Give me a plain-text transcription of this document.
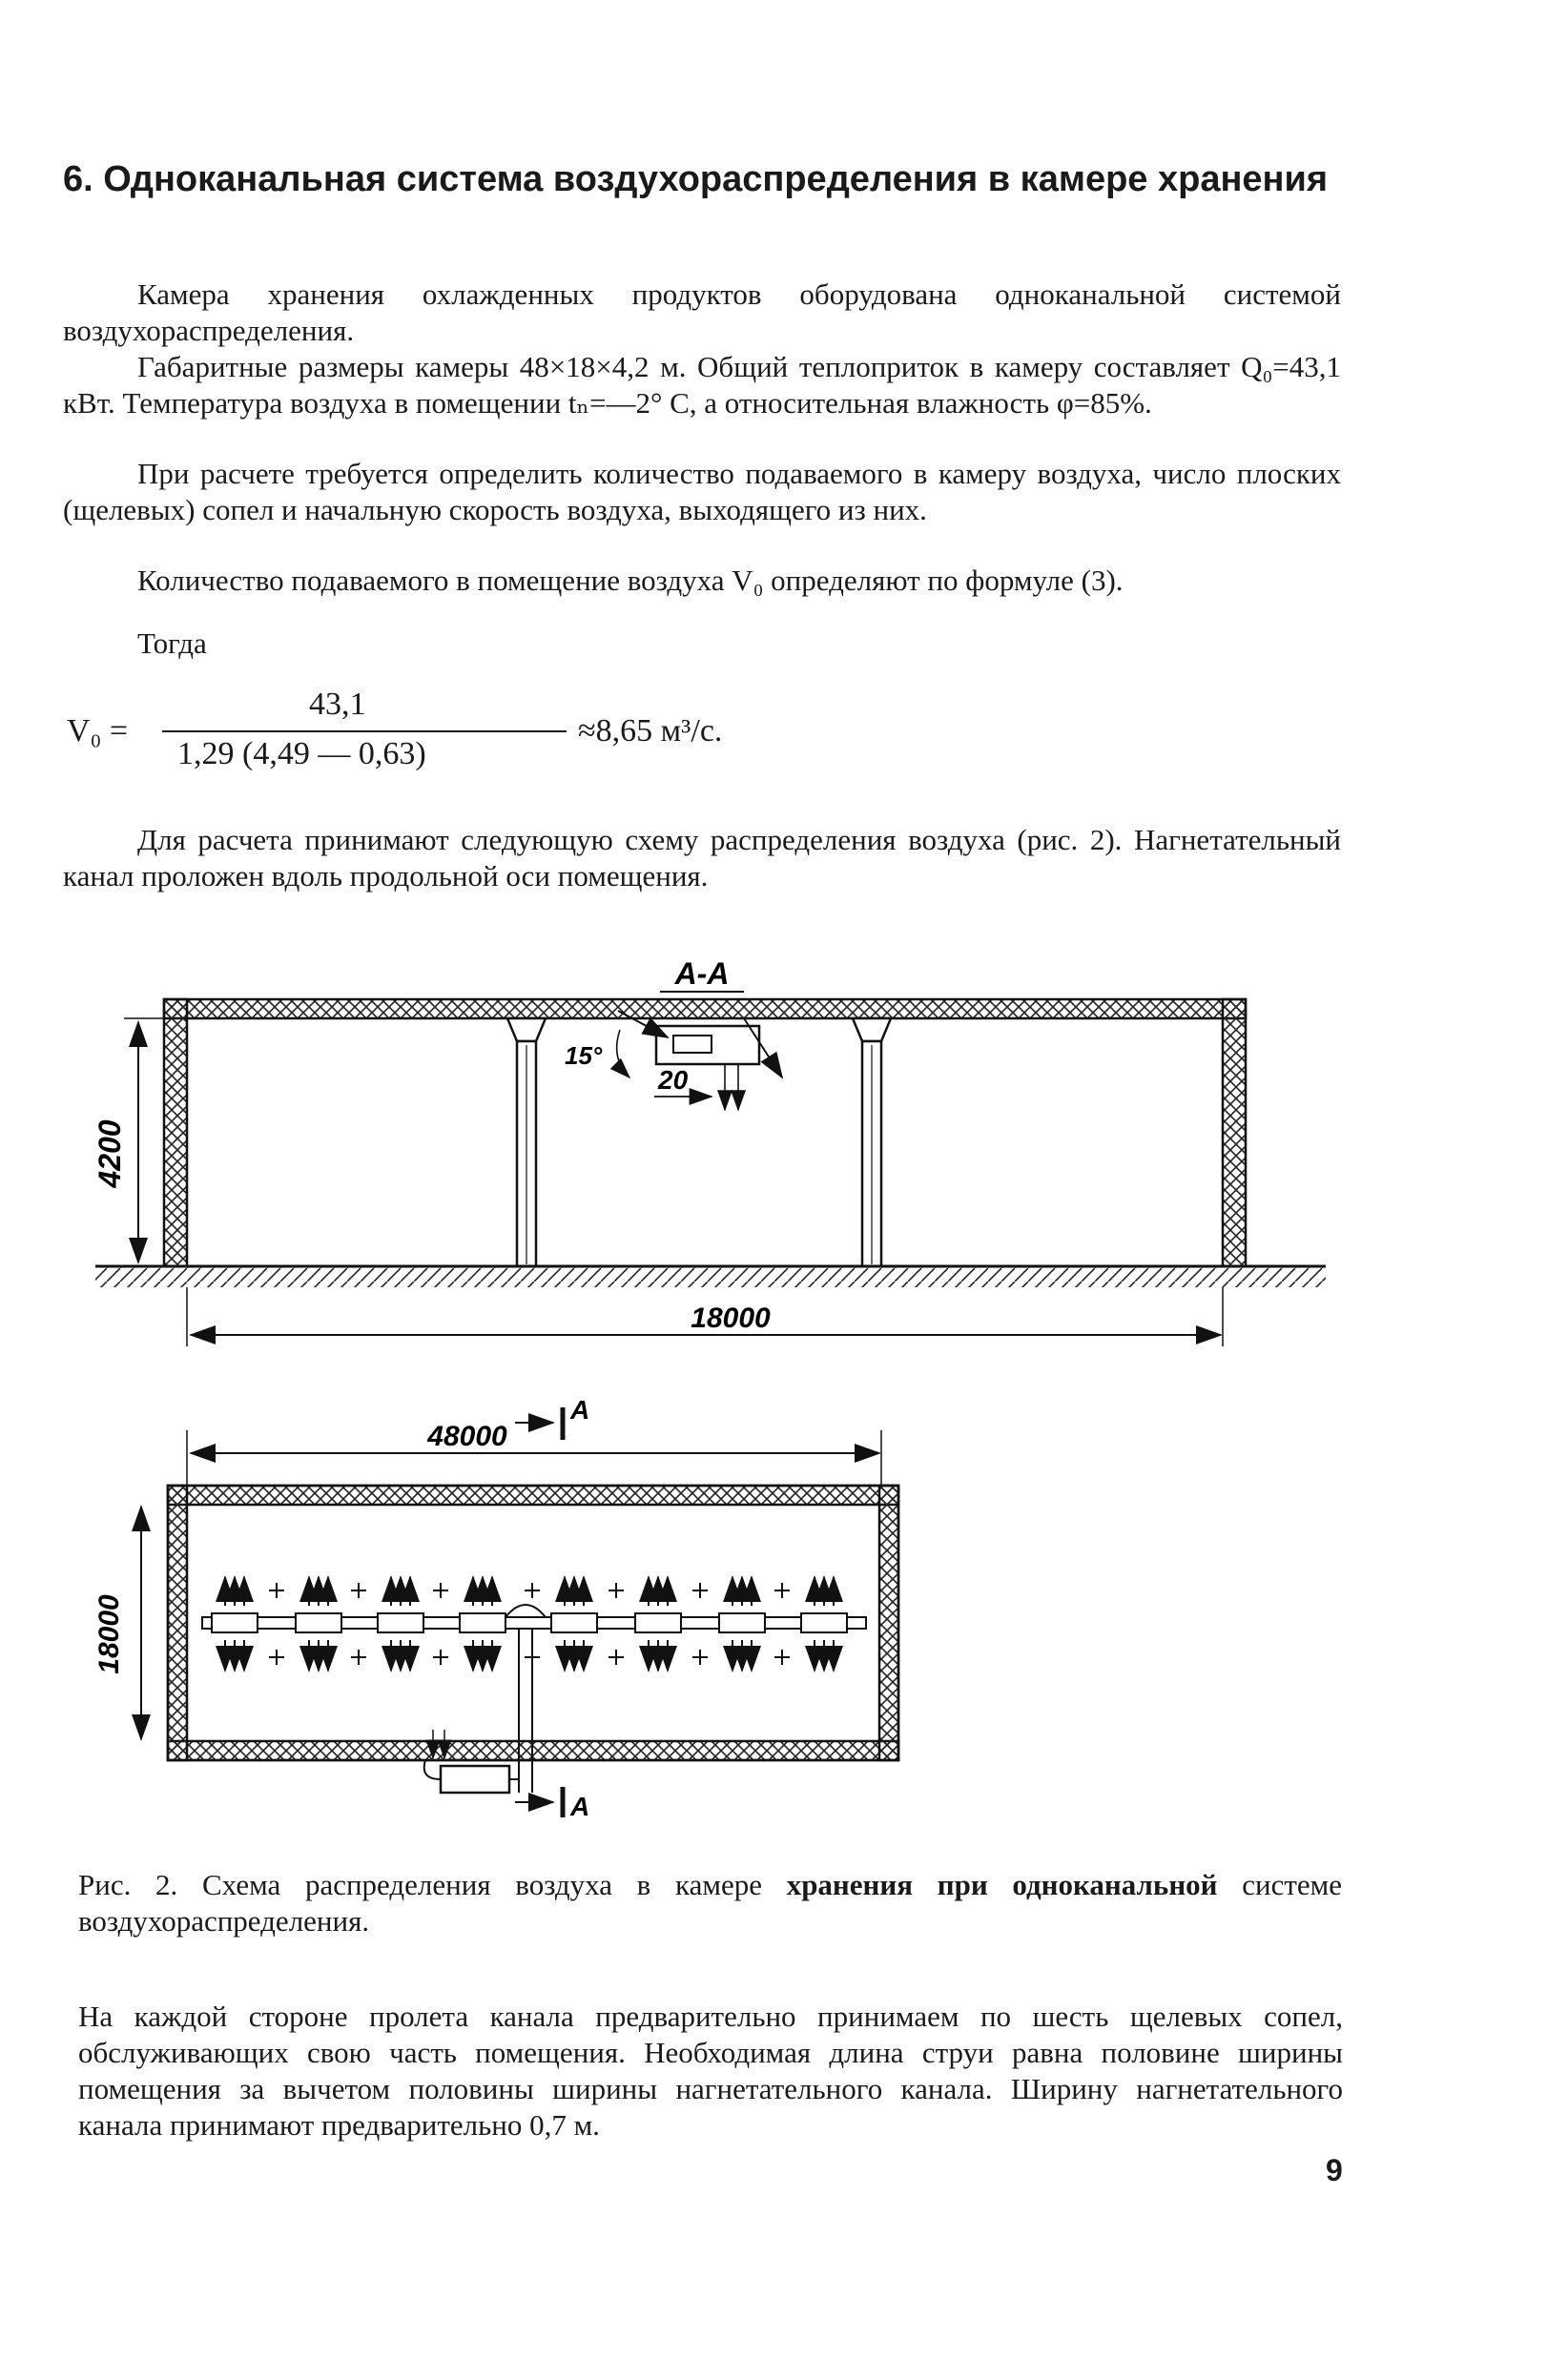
6. Одноканальная система воздухораспределения в камере хранения

Камера хранения охлажденных продуктов оборудована одноканальной системой воздухораспределения.

Габаритные размеры камеры 48×18×4,2 м. Общий теплоприток в камеру составляет Q₀=43,1 кВт. Температура воздуха в помещении tₙ=—2° С, а относительная влажность φ=85%.

При расчете требуется определить количество подаваемого в камеру воздуха, число плоских (щелевых) сопел и начальную скорость воздуха, выходящего из них.

Количество подаваемого в помещение воздуха V₀ определяют по формуле (3).

Тогда

V₀ =
43,1
1,29 (4,49 — 0,63)
≈8,65 м³/с.

Для расчета принимают следующую схему распределения воздуха (рис. 2). Нагнетательный канал проложен вдоль продольной оси помещения.

4200
18000
A-A
15°
20
48000
A
18000
A

Рис. 2. Схема распределения воздуха в камере хранения при одноканальной системе воздухораспределения.

На каждой стороне пролета канала предварительно принимаем по шесть щелевых сопел, обслуживающих свою часть помещения. Необходимая длина струи равна половине ширины помещения за вычетом половины ширины нагнетательного канала. Ширину нагнетательного канала принимают предварительно 0,7 м.

9
